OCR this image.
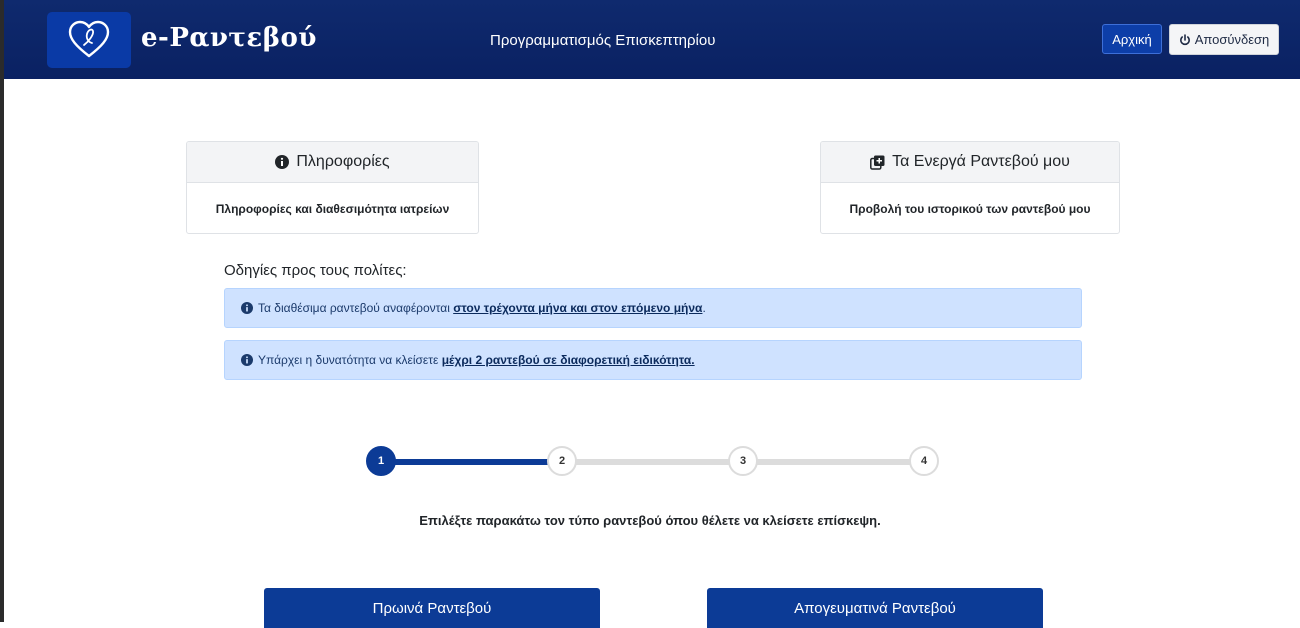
e-Ραντεβού	Προγραμματισμός Επισκεπτηρίου	Αρχική	Αποσύνδεση
Πληροφορίες
Πληροφορίες και διαθεσιμότητα ιατρείων
Τα Ενεργά Ραντεβού μου
Προβολή του ιστορικού των ραντεβού μου
Οδηγίες προς τους πολίτες:
Τα διαθέσιμα ραντεβού αναφέρονται στον τρέχοντα μήνα και στον επόμενο μήνα.
Υπάρχει η δυνατότητα να κλείσετε μέχρι 2 ραντεβού σε διαφορετική ειδικότητα.
1	2	3	4
Επιλέξτε παρακάτω τον τύπο ραντεβού όπου θέλετε να κλείσετε επίσκεψη.
Πρωινά Ραντεβού	Απογευματινά Ραντεβού
